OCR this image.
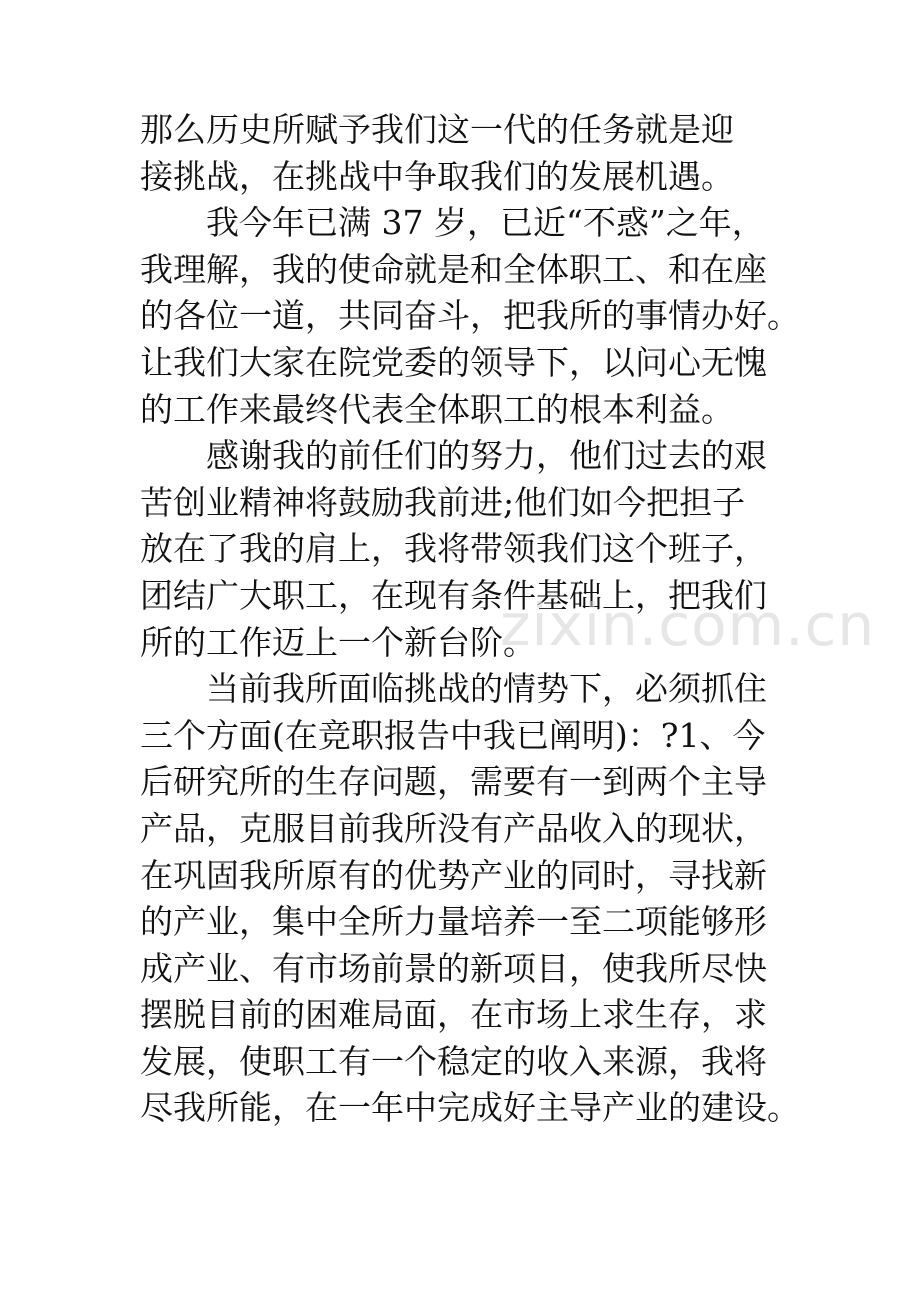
那么历史所赋予我们这一代的任务就是迎
接挑战，在挑战中争取我们的发展机遇。
我今年已满 37 岁，已近“不惑”之年，
我理解，我的使命就是和全体职工、和在座
的各位一道，共同奋斗，把我所的事情办好。
让我们大家在院党委的领导下，以问心无愧
的工作来最终代表全体职工的根本利益。
感谢我的前任们的努力，他们过去的艰
苦创业精神将鼓励我前进;他们如今把担子
放在了我的肩上，我将带领我们这个班子，
团结广大职工，在现有条件基础上，把我们
所的工作迈上一个新台阶。
当前我所面临挑战的情势下，必须抓住
三个方面(在竞职报告中我已阐明)：?1、今
后研究所的生存问题，需要有一到两个主导
产品，克服目前我所没有产品收入的现状，
在巩固我所原有的优势产业的同时，寻找新
的产业，集中全所力量培养一至二项能够形
成产业、有市场前景的新项目，使我所尽快
摆脱目前的困难局面，在市场上求生存，求
发展，使职工有一个稳定的收入来源，我将
尽我所能，在一年中完成好主导产业的建设。
zixin.com.cn
